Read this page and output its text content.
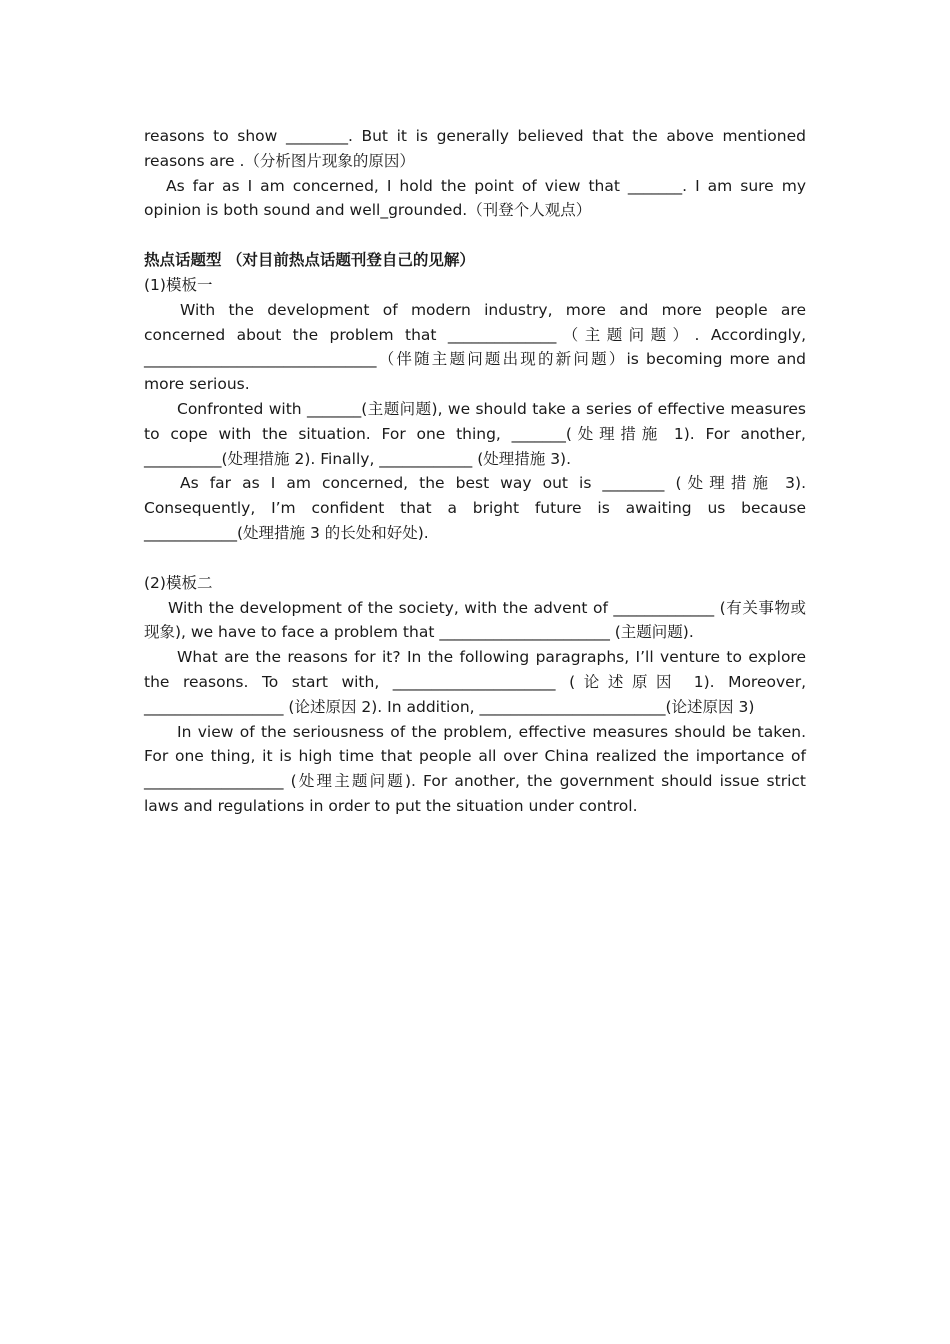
reasons to show ________. But it is generally believed that the above mentioned reasons are .（分析图片现象的原因）

As far as I am concerned, I hold the point of view that _______. I am sure my opinion is both sound and well_grounded.（刊登个人观点）

热点话题型 （对目前热点话题刊登自己的见解）

(1)模板一

With the development of modern industry, more and more people are concerned about the problem that ______________（主题问题）. Accordingly, ______________________________（伴随主题问题出现的新问题）is becoming more and more serious.

Confronted with _______(主题问题), we should take a series of effective measures to cope with the situation. For one thing, _______(处理措施 1). For another, __________(处理措施 2). Finally, ____________ (处理措施 3).

As far as I am concerned, the best way out is ________ (处理措施 3). Consequently, I’m confident that a bright future is awaiting us because ____________(处理措施 3 的长处和好处).

(2)模板二

With the development of the society, with the advent of _____________ (有关事物或现象), we have to face a problem that ______________________ (主题问题).

What are the reasons for it? In the following paragraphs, I’ll venture to explore the reasons. To start with, _____________________ (论述原因 1). Moreover, __________________ (论述原因 2). In addition, ________________________(论述原因 3)

In view of the seriousness of the problem, effective measures should be taken. For one thing, it is high time that people all over China realized the importance of __________________ (处理主题问题). For another, the government should issue strict laws and regulations in order to put the situation under control.
